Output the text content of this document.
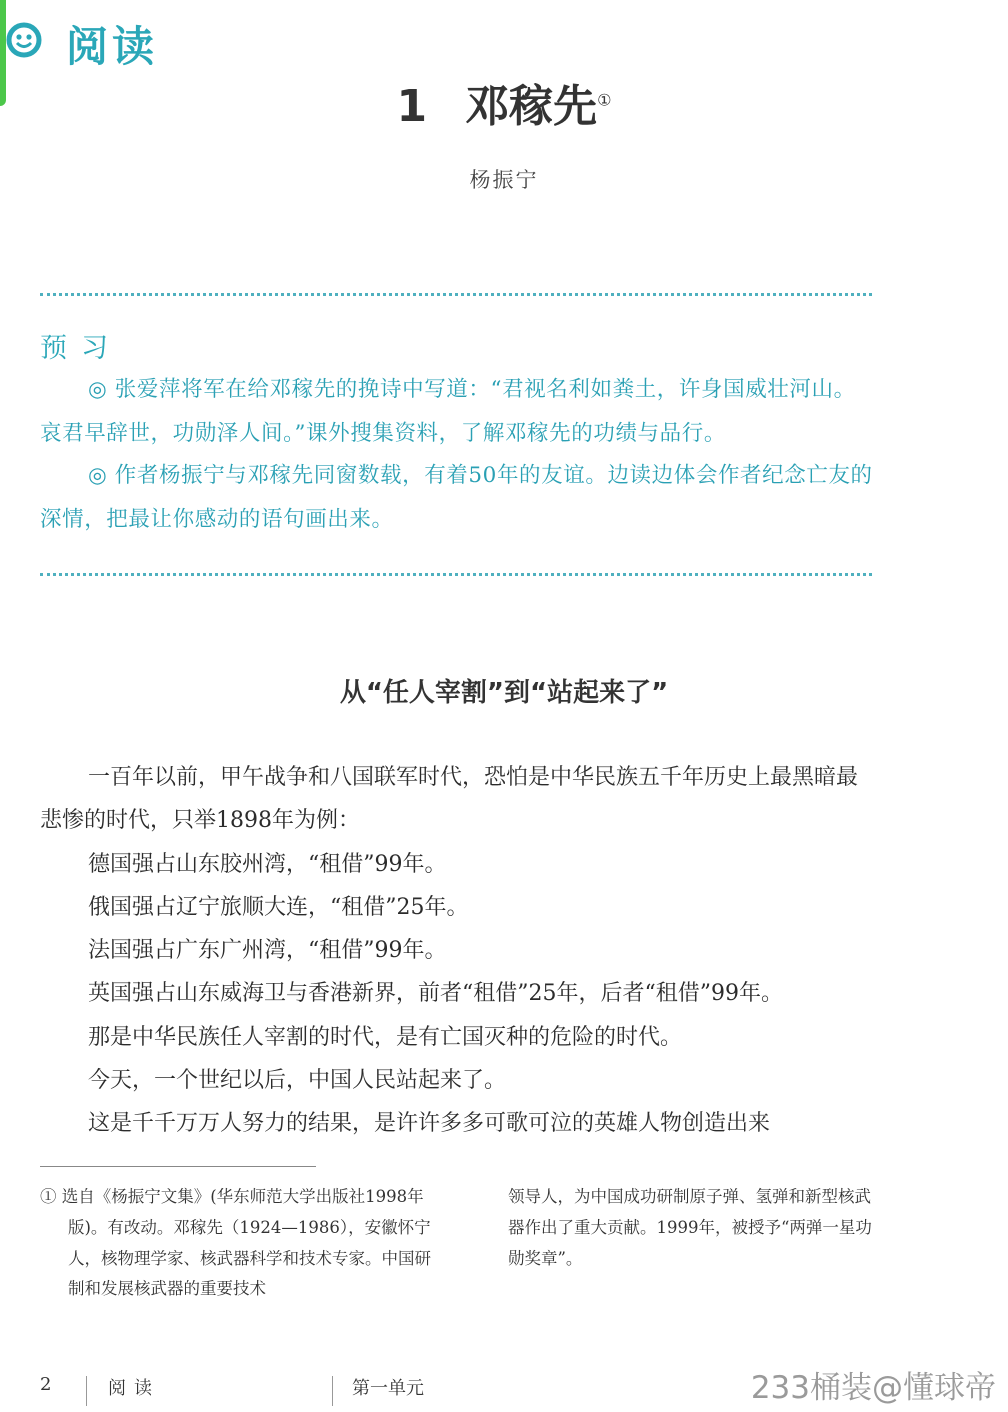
阅读
1 邓稼先①
杨振宁
预习
◎ 张爱萍将军在给邓稼先的挽诗中写道：“君视名利如粪土，许身国威壮河山。哀君早辞世，功勋泽人间。”课外搜集资料，了解邓稼先的功绩与品行。
◎ 作者杨振宁与邓稼先同窗数载，有着50年的友谊。边读边体会作者纪念亡友的深情，把最让你感动的语句画出来。
从“任人宰割”到“站起来了”

一百年以前，甲午战争和八国联军时代，恐怕是中华民族五千年历史上最黑暗最悲惨的时代，只举1898年为例：

德国强占山东胶州湾，“租借”99年。

俄国强占辽宁旅顺大连，“租借”25年。

法国强占广东广州湾，“租借”99年。

英国强占山东威海卫与香港新界，前者“租借”25年，后者“租借”99年。

那是中华民族任人宰割的时代，是有亡国灭种的危险的时代。

今天，一个世纪以后，中国人民站起来了。

这是千千万万人努力的结果，是许许多多可歌可泣的英雄人物创造出来

① 选自《杨振宁文集》(华东师范大学出版社1998年版)。有改动。邓稼先（1924—1986），安徽怀宁人，核物理学家、核武器科学和技术专家。中国研制和发展核武器的重要技术
领导人，为中国成功研制原子弹、氢弹和新型核武器作出了重大贡献。1999年，被授予“两弹一星功勋奖章”。
2	阅读	第一单元	233桶装@懂球帝
